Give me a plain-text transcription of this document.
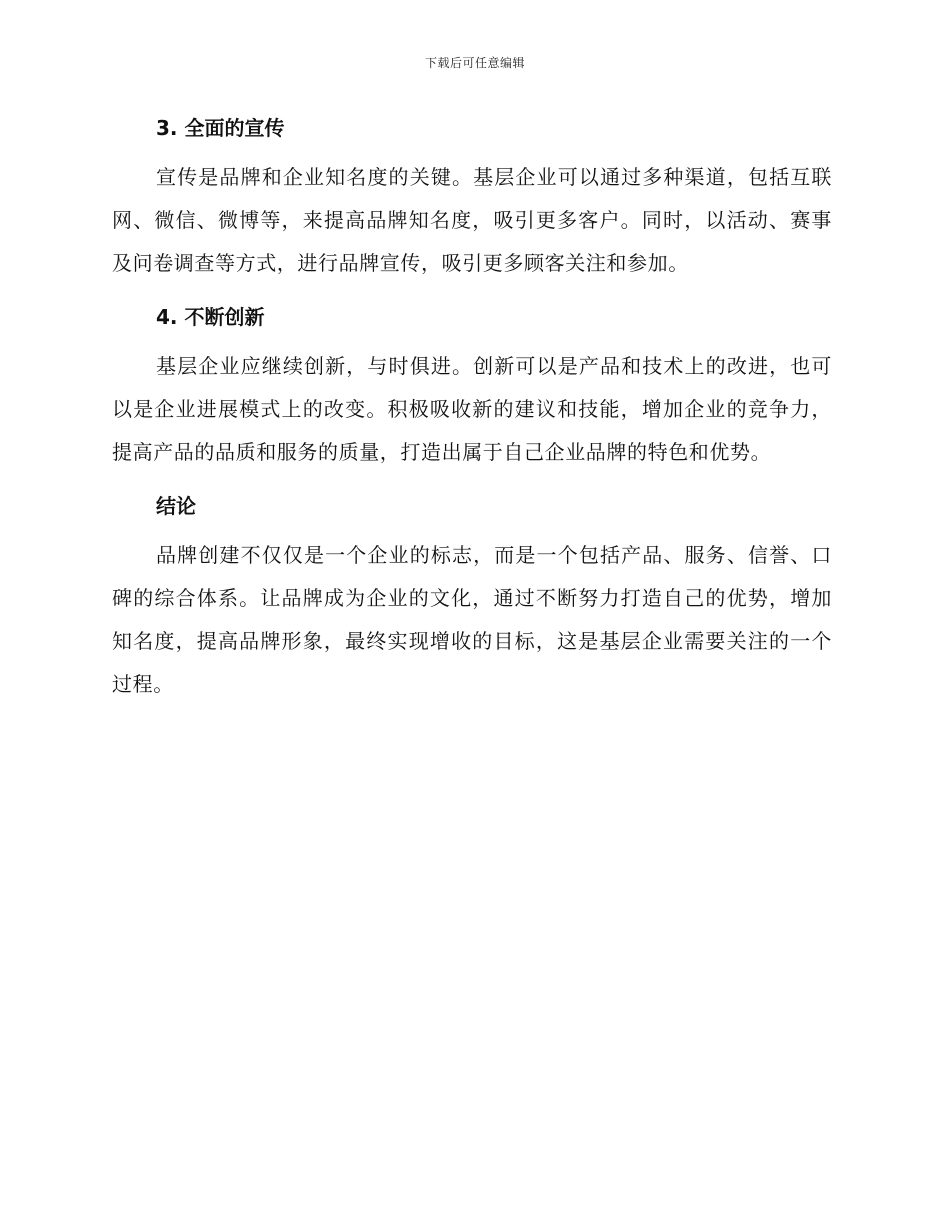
下载后可任意编辑
3. 全面的宣传

宣传是品牌和企业知名度的关键。基层企业可以通过多种渠道，包括互联网、微信、微博等，来提高品牌知名度，吸引更多客户。同时，以活动、赛事及问卷调查等方式，进行品牌宣传，吸引更多顾客关注和参加。

4. 不断创新

基层企业应继续创新，与时俱进。创新可以是产品和技术上的改进，也可以是企业进展模式上的改变。积极吸收新的建议和技能，增加企业的竞争力，提高产品的品质和服务的质量，打造出属于自己企业品牌的特色和优势。

结论

品牌创建不仅仅是一个企业的标志，而是一个包括产品、服务、信誉、口碑的综合体系。让品牌成为企业的文化，通过不断努力打造自己的优势，增加知名度，提高品牌形象，最终实现增收的目标，这是基层企业需要关注的一个过程。
